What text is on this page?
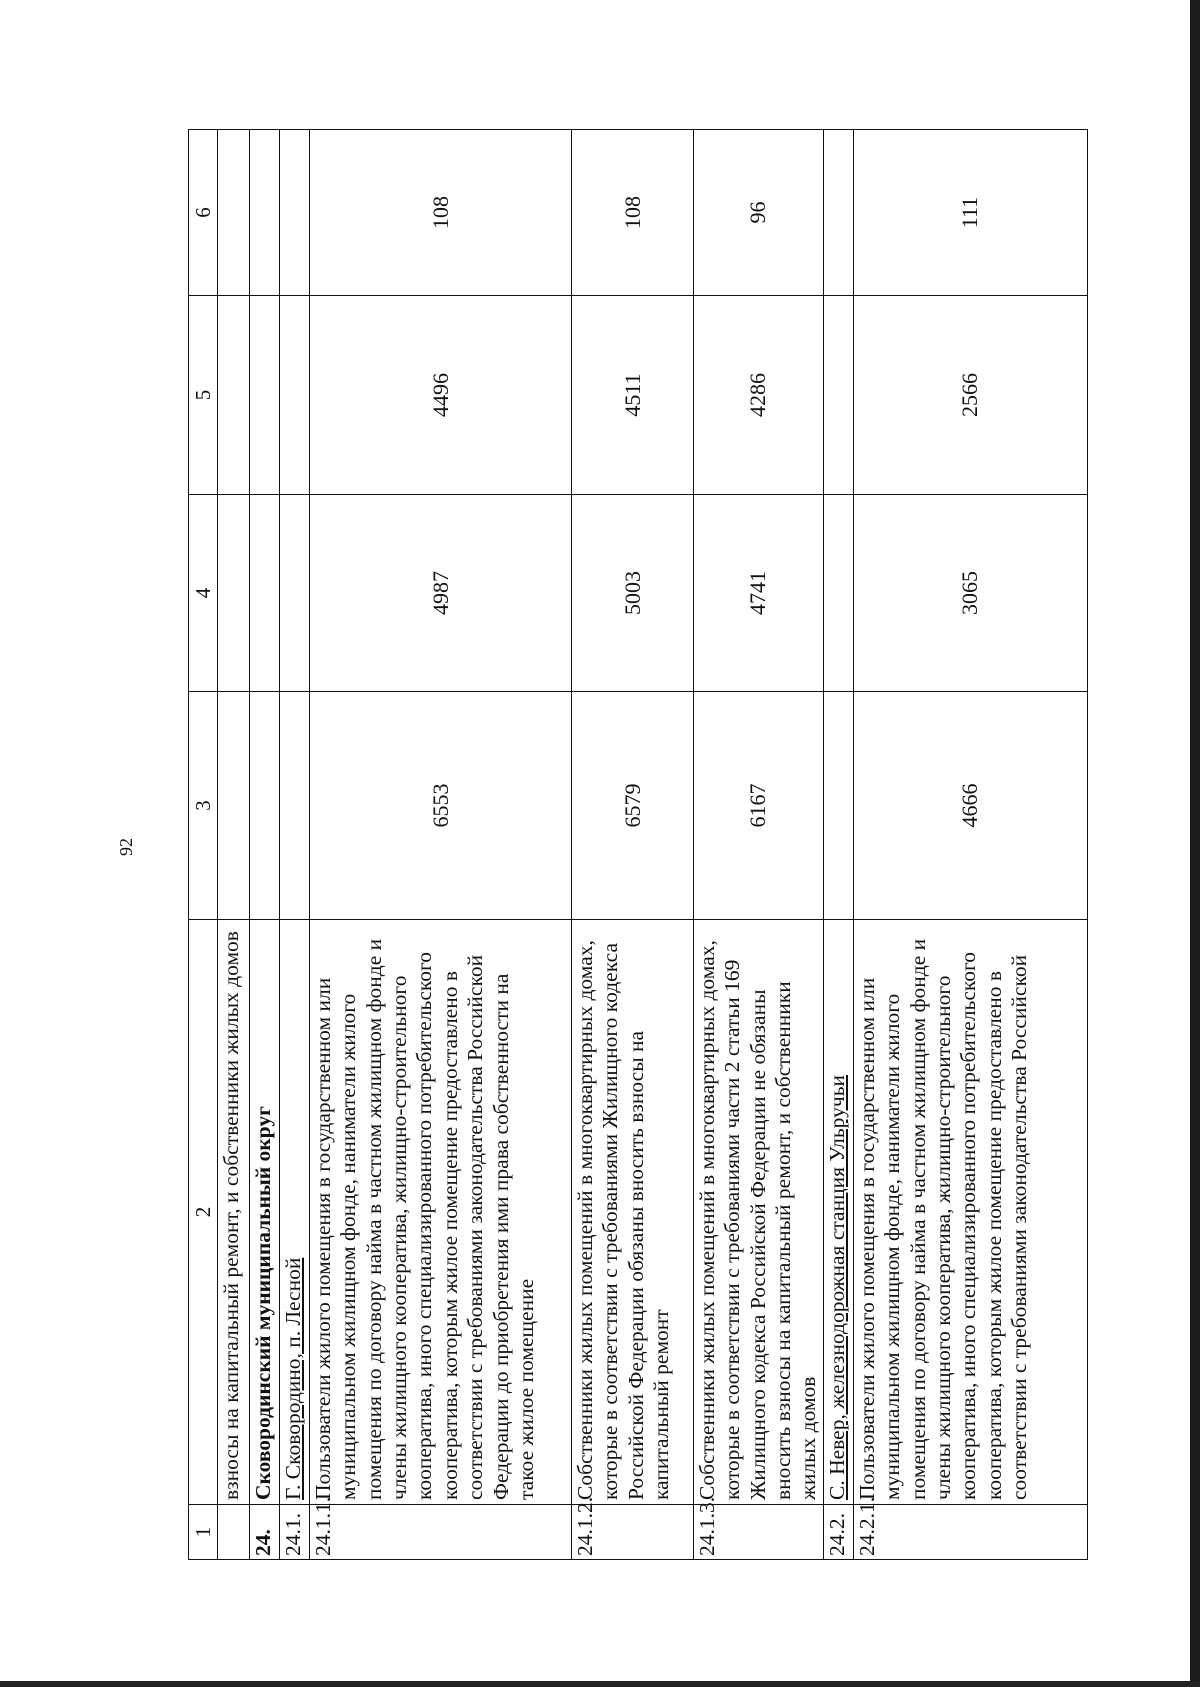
92
1	2	3	4	5	6
	взносы на капитальный ремонт, и собственники жилых домов				
24.	Сковородинский муниципальный округ				
24.1.	Г. Сковородино, п. Лесной				
24.1.1.	Пользователи жилого помещения в государственном или муниципальном жилищном фонде, наниматели жилого помещения по договору найма в частном жилищном фонде и члены жилищного кооператива, жилищно-строительного кооператива, иного специализированного потребительского кооператива, которым жилое помещение предоставлено в соответствии с требованиями законодательства Российской Федерации до приобретения ими права собственности на такое жилое помещение	6553	4987	4496	108
24.1.2.	Собственники жилых помещений в многоквартирных домах, которые в соответствии с требованиями Жилищного кодекса Российской Федерации обязаны вносить взносы на капитальный ремонт	6579	5003	4511	108
24.1.3.	Собственники жилых помещений в многоквартирных домах, которые в соответствии с требованиями части 2 статьи 169 Жилищного кодекса Российской Федерации не обязаны вносить взносы на капитальный ремонт, и собственники жилых домов	6167	4741	4286	96
24.2.	С. Невер, железнодорожная станция Ульручьи				
24.2.1.	Пользователи жилого помещения в государственном или муниципальном жилищном фонде, наниматели жилого помещения по договору найма в частном жилищном фонде и члены жилищного кооператива, жилищно-строительного кооператива, иного специализированного потребительского кооператива, которым жилое помещение предоставлено в соответствии с требованиями законодательства Российской	4666	3065	2566	111
